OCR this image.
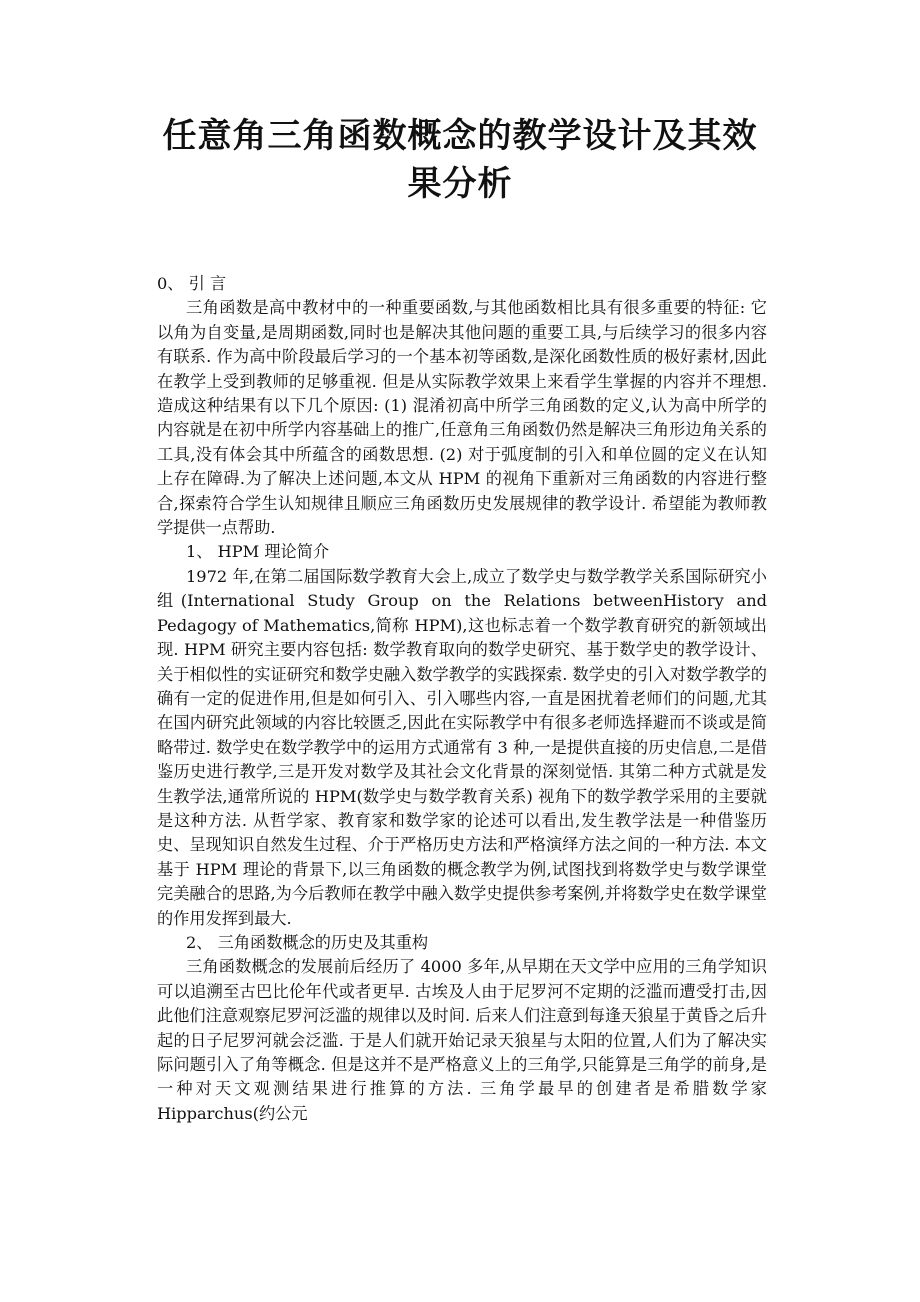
任意角三角函数概念的教学设计及其效果分析

0、 引 言

三角函数是高中教材中的一种重要函数,与其他函数相比具有很多重要的特征: 它以角为自变量,是周期函数,同时也是解决其他问题的重要工具,与后续学习的很多内容有联系. 作为高中阶段最后学习的一个基本初等函数,是深化函数性质的极好素材,因此在教学上受到教师的足够重视. 但是从实际教学效果上来看学生掌握的内容并不理想. 造成这种结果有以下几个原因: (1) 混淆初高中所学三角函数的定义,认为高中所学的内容就是在初中所学内容基础上的推广,任意角三角函数仍然是解决三角形边角关系的工具,没有体会其中所蕴含的函数思想. (2) 对于弧度制的引入和单位圆的定义在认知上存在障碍.为了解决上述问题,本文从 HPM 的视角下重新对三角函数的内容进行整合,探索符合学生认知规律且顺应三角函数历史发展规律的教学设计. 希望能为教师教学提供一点帮助.

1、 HPM 理论简介

1972 年,在第二届国际数学教育大会上,成立了数学史与数学教学关系国际研究小组(International Study Group on the Relations betweenHistory and Pedagogy of Mathematics,简称 HPM),这也标志着一个数学教育研究的新领域出现. HPM 研究主要内容包括: 数学教育取向的数学史研究、基于数学史的教学设计、关于相似性的实证研究和数学史融入数学教学的实践探索. 数学史的引入对数学教学的确有一定的促进作用,但是如何引入、引入哪些内容,一直是困扰着老师们的问题,尤其在国内研究此领域的内容比较匮乏,因此在实际教学中有很多老师选择避而不谈或是简略带过. 数学史在数学教学中的运用方式通常有 3 种,一是提供直接的历史信息,二是借鉴历史进行教学,三是开发对数学及其社会文化背景的深刻觉悟. 其第二种方式就是发生教学法,通常所说的 HPM(数学史与数学教育关系) 视角下的数学教学采用的主要就是这种方法. 从哲学家、教育家和数学家的论述可以看出,发生教学法是一种借鉴历史、呈现知识自然发生过程、介于严格历史方法和严格演绎方法之间的一种方法. 本文基于 HPM 理论的背景下,以三角函数的概念教学为例,试图找到将数学史与数学课堂完美融合的思路,为今后教师在教学中融入数学史提供参考案例,并将数学史在数学课堂的作用发挥到最大.

2、 三角函数概念的历史及其重构

三角函数概念的发展前后经历了 4000 多年,从早期在天文学中应用的三角学知识可以追溯至古巴比伦年代或者更早. 古埃及人由于尼罗河不定期的泛滥而遭受打击,因此他们注意观察尼罗河泛滥的规律以及时间. 后来人们注意到每逢天狼星于黄昏之后升起的日子尼罗河就会泛滥. 于是人们就开始记录天狼星与太阳的位置,人们为了解决实际问题引入了角等概念. 但是这并不是严格意义上的三角学,只能算是三角学的前身,是一种对天文观测结果进行推算的方法. 三角学最早的创建者是希腊数学家 Hipparchus(约公元
